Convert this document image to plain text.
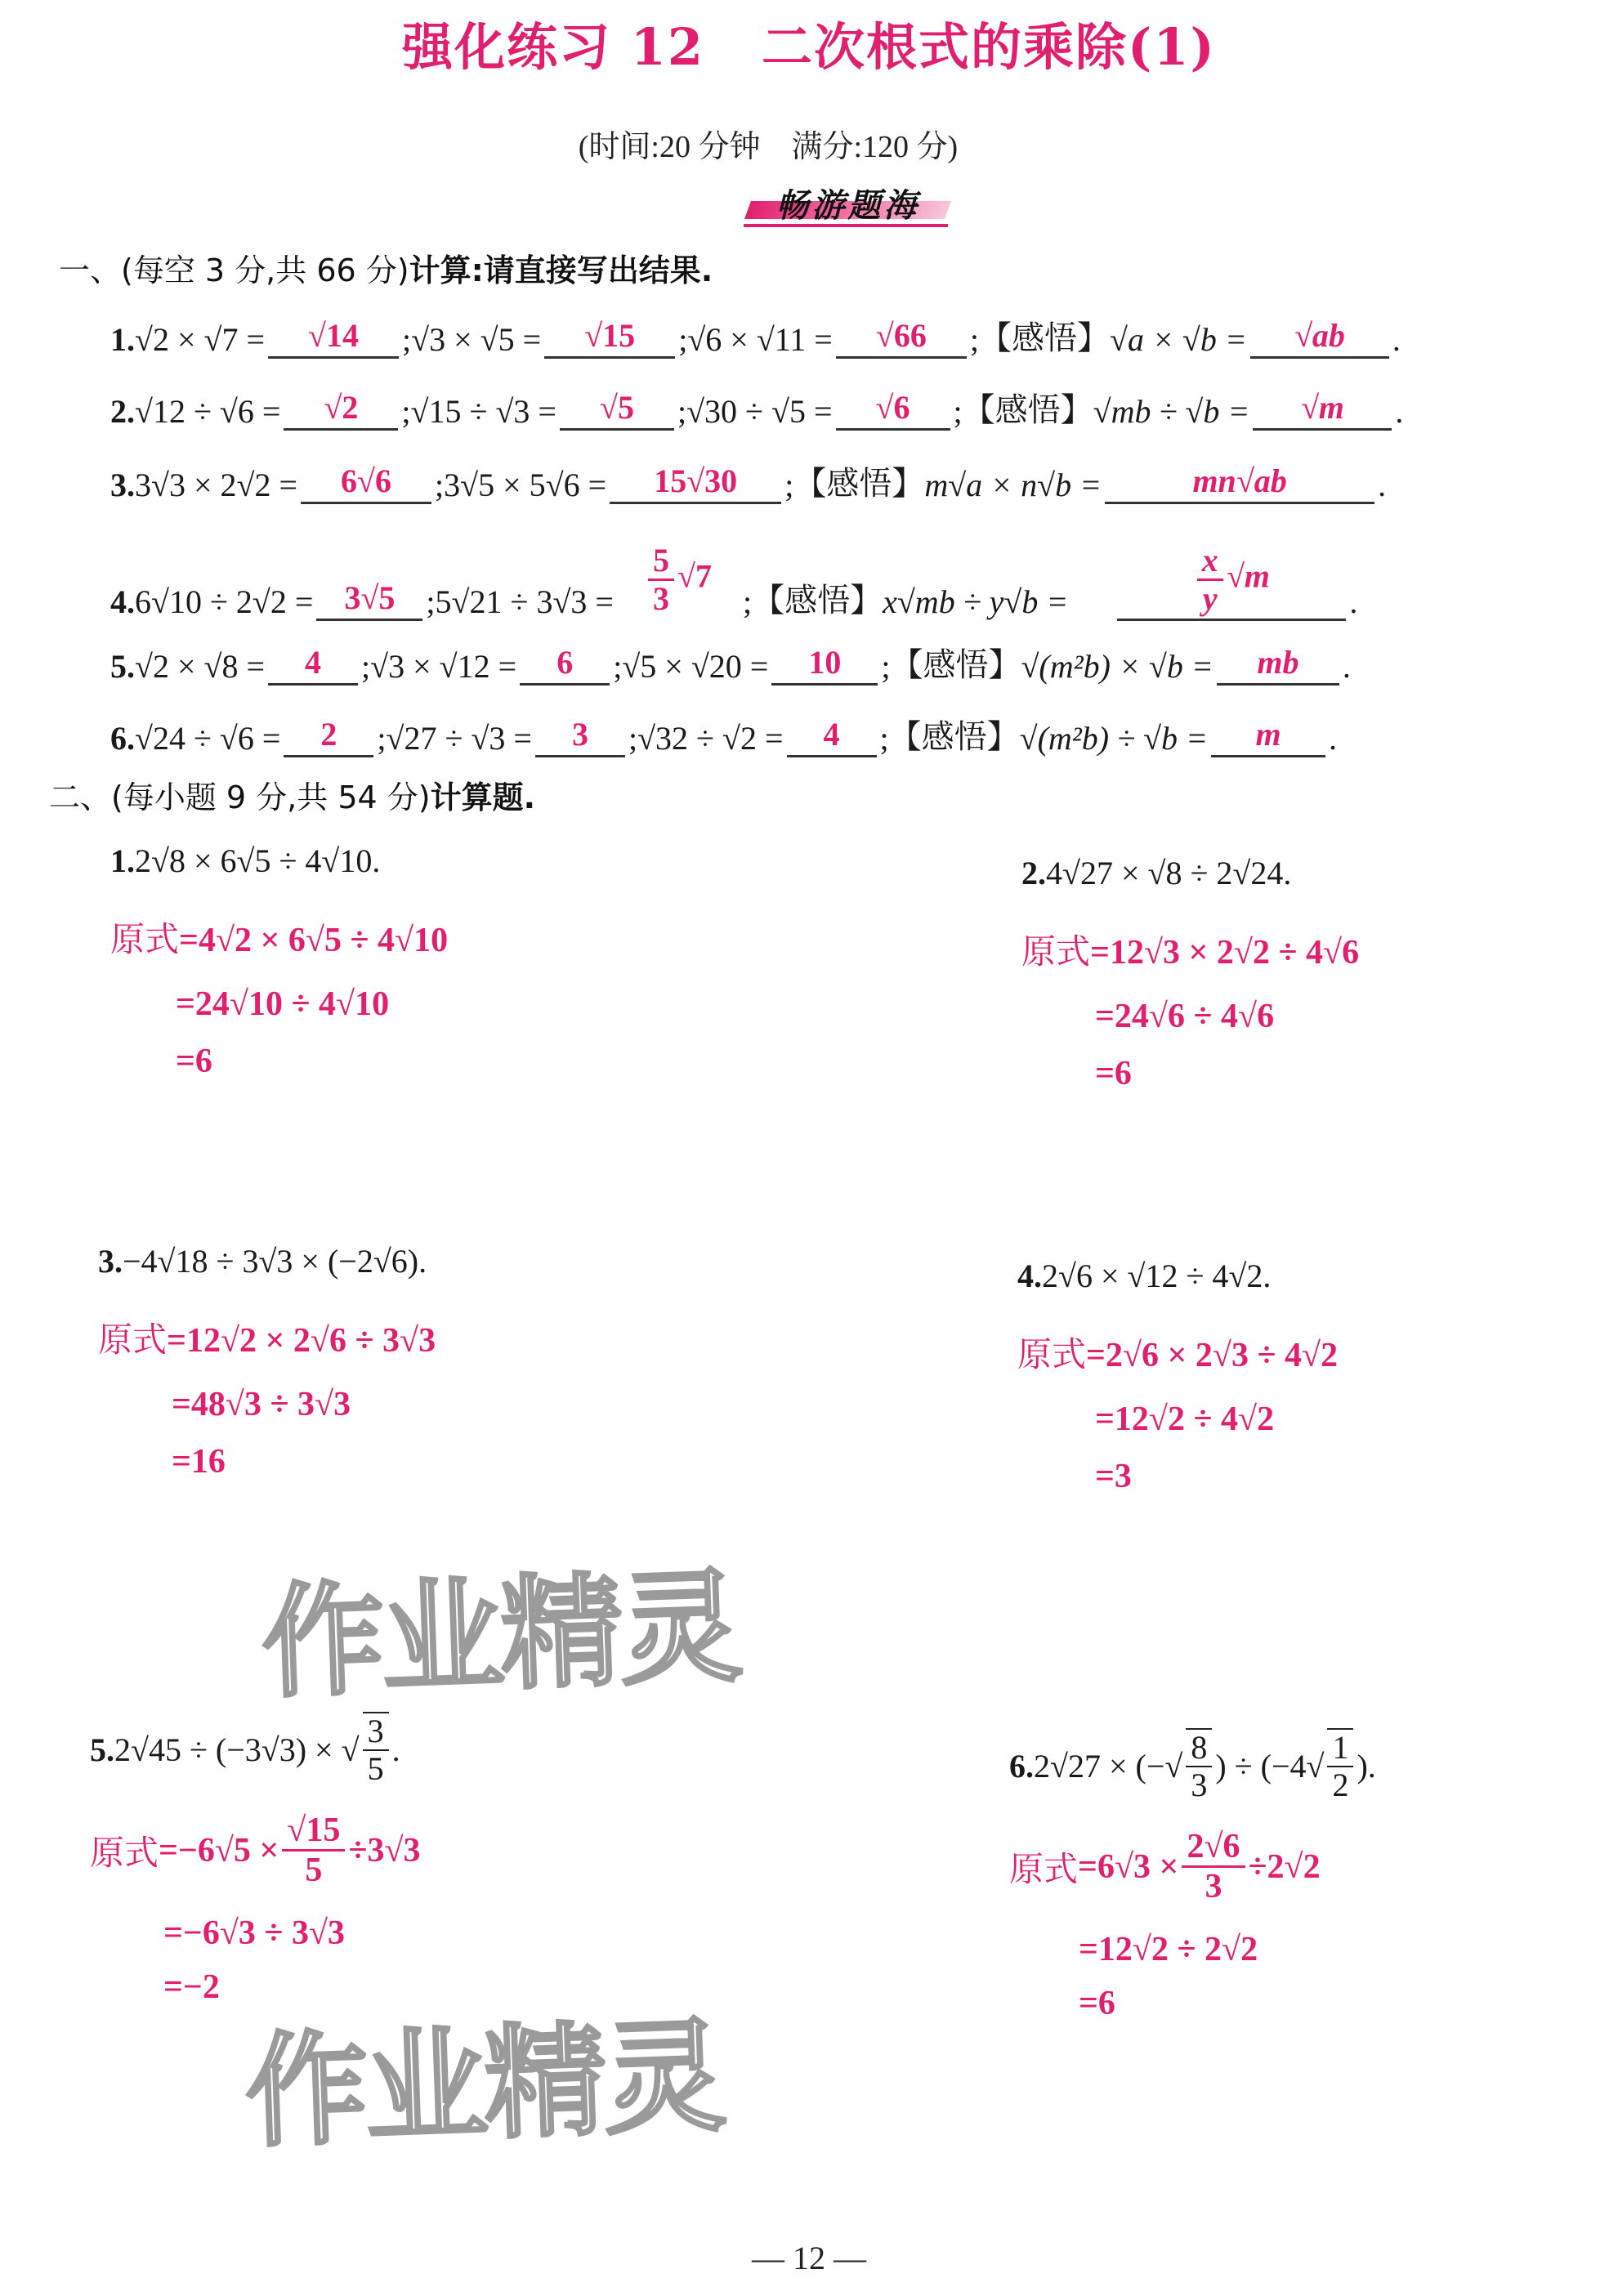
强化练习 12 二次根式的乘除(1)
(时间:20 分钟　满分:120 分)
畅游题海
一、(每空 3 分,共 66 分)计算:请直接写出结果.
1. √2 × √7 =	√14	; √3 × √5 =	√15	; √6 × √11 =	√66	; 【感悟】 √a × √b =	√ab	.
2. √12 ÷ √6 =	√2	; √15 ÷ √3 =	√5	; √30 ÷ √5 =	√6	; 【感悟】 √mb ÷ √b =	√m	.
3. 3√3 × 2√2 =	6√6	; 3√5 × 5√6 =	15√30	; 【感悟】 m√a × n√b =	mn√ab	.
4. 6√10 ÷ 2√2 = 3√5 ; $5√21 \div 3√3 = \frac{5}{3} √7$
; 【感悟】 x√mb ÷ y√b =	$\frac{x}{y} √m$
.
5. √2 × √8 =	4	; √3 × √12 =	6	; √5 × √20 =	10	; 【感悟】 √(m²b) × √b =	mb	.
6. √24 ÷ √6 =	2	; √27 ÷ √3 =	3	; √32 ÷ √2 =	4	; 【感悟】 √(m²b) ÷ √b =	m	.
二、(每小题 9 分,共 54 分)计算题.
1.2√8 × 6√5 ÷ 4√10.
原式=4√2 × 6√5 ÷ 4√10
=24√10 ÷ 4√10
=6
2.4√27 × √8 ÷ 2√24.
原式=12√3 × 2√2 ÷ 4√6
=24√6 ÷ 4√6
=6
3.−4√18 ÷ 3√3 × (−2√6).
原式=12√2 × 2√6 ÷ 3√3
=48√3 ÷ 3√3
=16
4.2√6 × √12 ÷ 4√2.
原式=2√6 × 2√3 ÷ 4√2
=12√2 ÷ 4√2
=3
作业精灵
5. 2√45 ÷ (−3√3) × √ $\frac{3}{5}$ .
原式 $=-6√5 \times \frac{√15}{5} \div 3√3$
=−6√3 ÷ 3√3
=−2
作业精灵
6. 2√27 × (−√ $\frac{8}{3}$ ) ÷ ($-4√ \frac{1}{2}$ ).
原式 $=6√3 \times \frac{2√6}{3} \div 2√2$
=12√2 ÷ 2√2
=6
— 12 —
